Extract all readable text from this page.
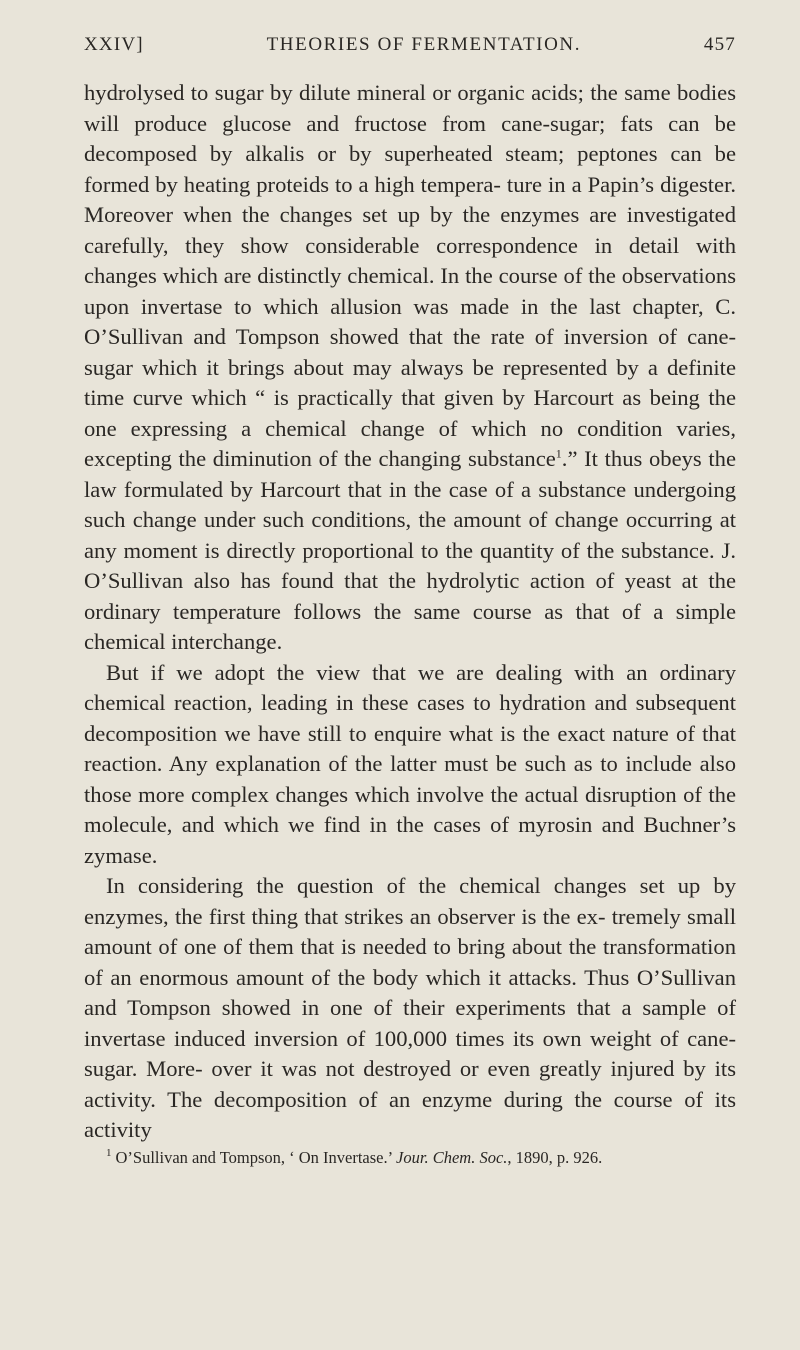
XXIV]	THEORIES OF FERMENTATION.	457

hydrolysed to sugar by dilute mineral or organic acids; the same bodies will produce glucose and fructose from cane-sugar; fats can be decomposed by alkalis or by superheated steam; peptones can be formed by heating proteids to a high tempera- ture in a Papin’s digester. Moreover when the changes set up by the enzymes are investigated carefully, they show considerable correspondence in detail with changes which are distinctly chemical. In the course of the observations upon invertase to which allusion was made in the last chapter, C. O’Sullivan and Tompson showed that the rate of inversion of cane-sugar which it brings about may always be represented by a definite time curve which “ is practically that given by Harcourt as being the one expressing a chemical change of which no condition varies, excepting the diminution of the changing substance$^1$.” It thus obeys the law formulated by Harcourt that in the case of a substance undergoing such change under such conditions, the amount of change occurring at any moment is directly proportional to the quantity of the substance. J. O’Sullivan also has found that the hydrolytic action of yeast at the ordinary temperature follows the same course as that of a simple chemical interchange.

But if we adopt the view that we are dealing with an ordinary chemical reaction, leading in these cases to hydration and subsequent decomposition we have still to enquire what is the exact nature of that reaction. Any explanation of the latter must be such as to include also those more complex changes which involve the actual disruption of the molecule, and which we find in the cases of myrosin and Buchner’s zymase.

In considering the question of the chemical changes set up by enzymes, the first thing that strikes an observer is the ex- tremely small amount of one of them that is needed to bring about the transformation of an enormous amount of the body which it attacks. Thus O’Sullivan and Tompson showed in one of their experiments that a sample of invertase induced inversion of 100,000 times its own weight of cane-sugar. More- over it was not destroyed or even greatly injured by its activity. The decomposition of an enzyme during the course of its activity

$^1$ O’Sullivan and Tompson, ‘ On Invertase.’ Jour. Chem. Soc., 1890, p. 926.
